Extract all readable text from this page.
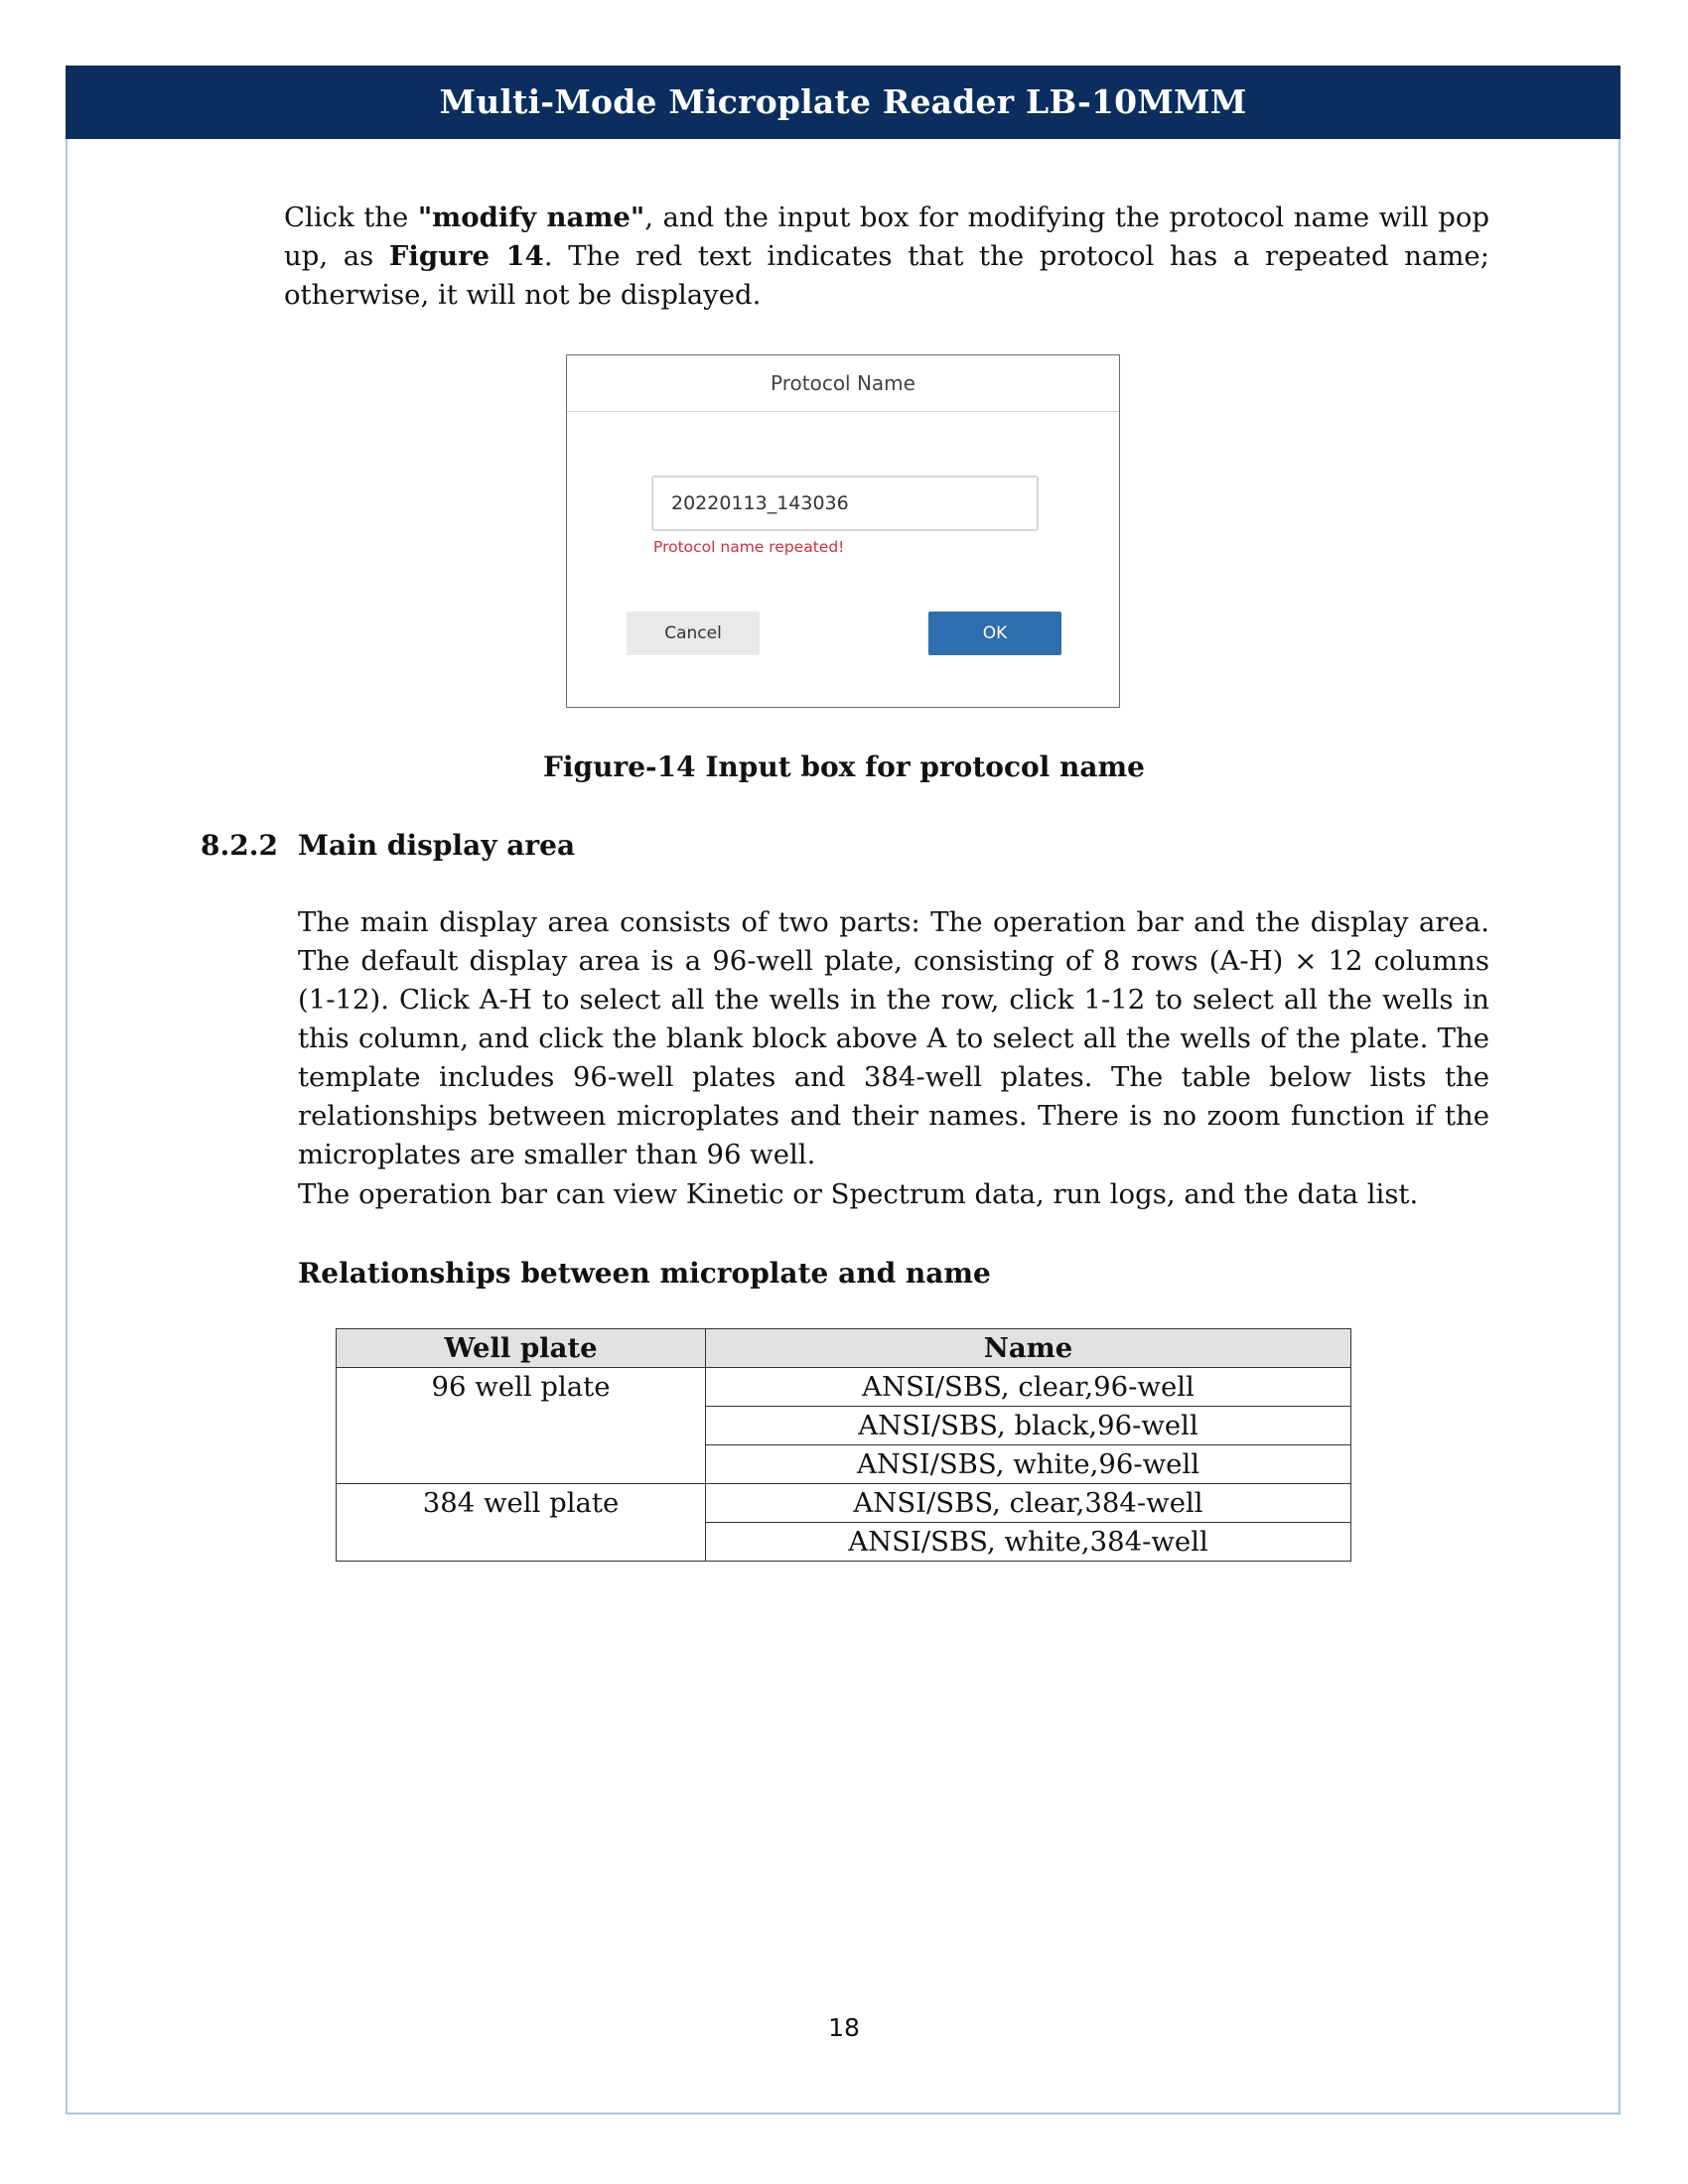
Multi-Mode Microplate Reader LB-10MMM
Click the "modify name", and the input box for modifying the protocol name will pop up, as Figure 14. The red text indicates that the protocol has a repeated name; otherwise, it will not be displayed.
Protocol Name
20220113_143036
Protocol name repeated!
Cancel	OK
Figure-14 Input box for protocol name
8.2.2 Main display area
The main display area consists of two parts: The operation bar and the display area. The default display area is a 96-well plate, consisting of 8 rows (A-H) × 12 columns (1-12). Click A-H to select all the wells in the row, click 1-12 to select all the wells in this column, and click the blank block above A to select all the wells of the plate. The template includes 96-well plates and 384-well plates. The table below lists the relationships between microplates and their names. There is no zoom function if the microplates are smaller than 96 well.
The operation bar can view Kinetic or Spectrum data, run logs, and the data list.
Relationships between microplate and name
Well plate	Name
96 well plate	ANSI/SBS, clear,96-well
	ANSI/SBS, black,96-well
	ANSI/SBS, white,96-well
384 well plate	ANSI/SBS, clear,384-well
	ANSI/SBS, white,384-well
18
